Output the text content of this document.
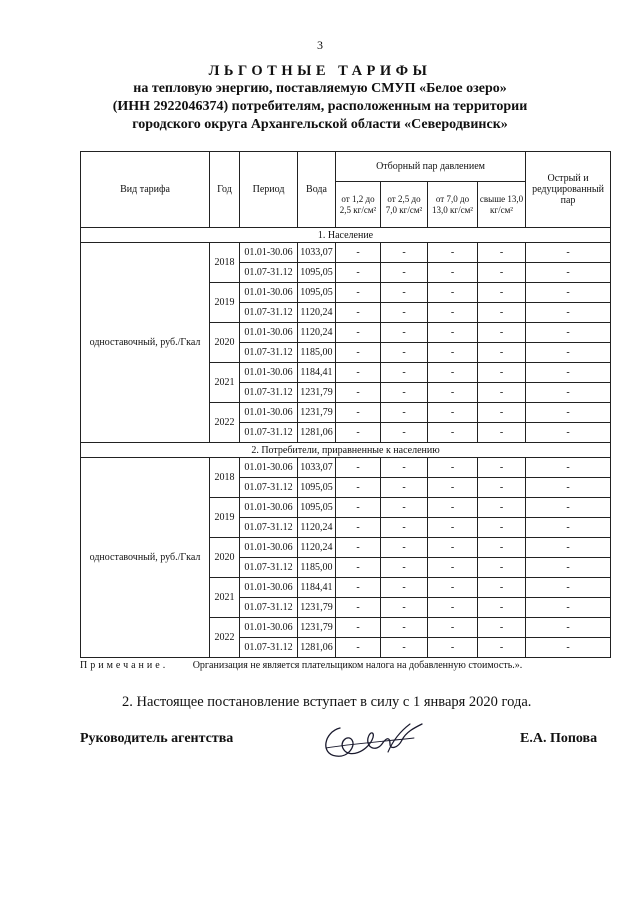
3
ЛЬГОТНЫЕ ТАРИФЫ
на тепловую энергию, поставляемую СМУП «Белое озеро»
(ИНН 2922046374) потребителям, расположенным на территории
городского округа Архангельской области «Северодвинск»
Вид тарифа	Год	Период	Вода	Отборный пар давлением				Острый и редуцированный пар
				от 1,2 до 2,5 кг/см²	от 2,5 до 7,0 кг/см²	от 7,0 до 13,0 кг/см²	свыше 13,0 кг/см²	
1. Население								
одноставочный, руб./Гкал	2018	01.01-30.06	1033,07	-	-	-	-	-
		01.07-31.12	1095,05	-	-	-	-	-
	2019	01.01-30.06	1095,05	-	-	-	-	-
		01.07-31.12	1120,24	-	-	-	-	-
	2020	01.01-30.06	1120,24	-	-	-	-	-
		01.07-31.12	1185,00	-	-	-	-	-
	2021	01.01-30.06	1184,41	-	-	-	-	-
		01.07-31.12	1231,79	-	-	-	-	-
	2022	01.01-30.06	1231,79	-	-	-	-	-
		01.07-31.12	1281,06	-	-	-	-	-
2. Потребители, приравненные к населению								
одноставочный, руб./Гкал	2018	01.01-30.06	1033,07	-	-	-	-	-
		01.07-31.12	1095,05	-	-	-	-	-
	2019	01.01-30.06	1095,05	-	-	-	-	-
		01.07-31.12	1120,24	-	-	-	-	-
	2020	01.01-30.06	1120,24	-	-	-	-	-
		01.07-31.12	1185,00	-	-	-	-	-
	2021	01.01-30.06	1184,41	-	-	-	-	-
		01.07-31.12	1231,79	-	-	-	-	-
	2022	01.01-30.06	1231,79	-	-	-	-	-
		01.07-31.12	1281,06	-	-	-	-	-
Примечание. Организация не является плательщиком налога на добавленную стоимость.».
2. Настоящее постановление вступает в силу с 1 января 2020 года.
Руководитель агентства	Е.А. Попова
